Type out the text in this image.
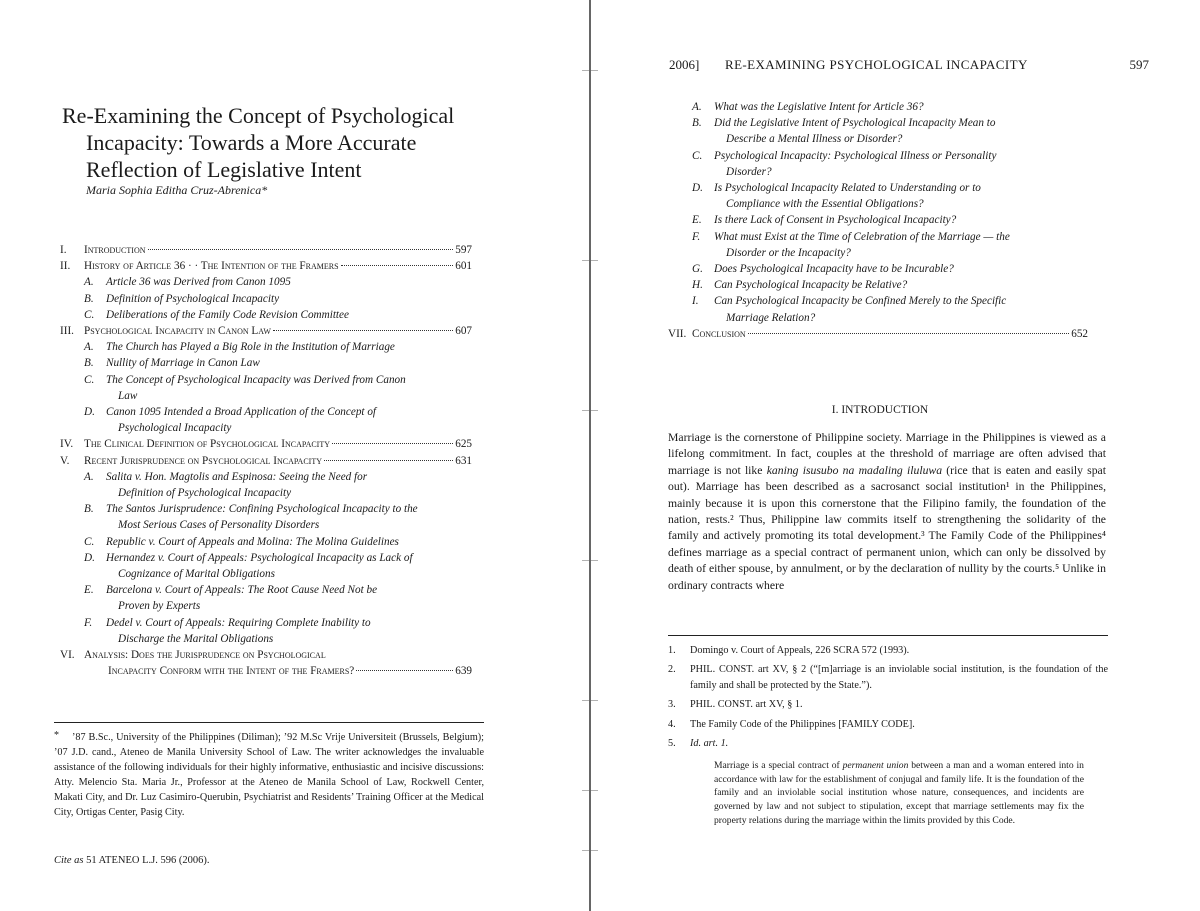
Re-Examining the Concept of Psychological Incapacity: Towards a More Accurate Reflection of Legislative Intent
Maria Sophia Editha Cruz-Abrenica*
I. Introduction	597
II. History of Article 36 · · The Intention of the Framers	601
A. Article 36 was Derived from Canon 1095
B. Definition of Psychological Incapacity
C. Deliberations of the Family Code Revision Committee
III. Psychological Incapacity in Canon Law	607
A. The Church has Played a Big Role in the Institution of Marriage
B. Nullity of Marriage in Canon Law
C. The Concept of Psychological Incapacity was Derived from Canon
Law
D. Canon 1095 Intended a Broad Application of the Concept of
Psychological Incapacity
IV. The Clinical Definition of Psychological Incapacity	625
V. Recent Jurisprudence on Psychological Incapacity	631
A. Salita v. Hon. Magtolis and Espinosa: Seeing the Need for
Definition of Psychological Incapacity
B. The Santos Jurisprudence: Confining Psychological Incapacity to the
Most Serious Cases of Personality Disorders
C. Republic v. Court of Appeals and Molina: The Molina Guidelines
D. Hernandez v. Court of Appeals: Psychological Incapacity as Lack of
Cognizance of Marital Obligations
E. Barcelona v. Court of Appeals: The Root Cause Need Not be
Proven by Experts
F. Dedel v. Court of Appeals: Requiring Complete Inability to
Discharge the Marital Obligations
VI. Analysis: Does the Jurisprudence on Psychological
Incapacity Conform with the Intent of the Framers?	639
*	’87 B.Sc., University of the Philippines (Diliman); ’92 M.Sc Vrije Universiteit (Brussels, Belgium); ’07 J.D. cand., Ateneo de Manila University School of Law. The writer acknowledges the invaluable assistance of the following individuals for their highly informative, enthusiastic and incisive discussions: Atty. Melencio Sta. Maria Jr., Professor at the Ateneo de Manila School of Law, Rockwell Center, Makati City, and Dr. Luz Casimiro-Querubin, Psychiatrist and Residents’ Training Officer at the Medical City, Ortigas Center, Pasig City.
Cite as 51 ATENEO L.J. 596 (2006).
2006]	RE-EXAMINING PSYCHOLOGICAL INCAPACITY	597
A. What was the Legislative Intent for Article 36?
B. Did the Legislative Intent of Psychological Incapacity Mean to
Describe a Mental Illness or Disorder?
C. Psychological Incapacity: Psychological Illness or Personality
Disorder?
D. Is Psychological Incapacity Related to Understanding or to
Compliance with the Essential Obligations?
E. Is there Lack of Consent in Psychological Incapacity?
F. What must Exist at the Time of Celebration of the Marriage — the
Disorder or the Incapacity?
G. Does Psychological Incapacity have to be Incurable?
H. Can Psychological Incapacity be Relative?
I. Can Psychological Incapacity be Confined Merely to the Specific
Marriage Relation?
VII. Conclusion	652
I. INTRODUCTION

Marriage is the cornerstone of Philippine society. Marriage in the Philippines is viewed as a lifelong commitment. In fact, couples at the threshold of marriage are often advised that marriage is not like kaning isusubo na madaling iluluwa (rice that is eaten and easily spat out). Marriage has been described as a sacrosanct social institution¹ in the Philippines, mainly because it is upon this cornerstone that the Filipino family, the foundation of the nation, rests.² Thus, Philippine law commits itself to strengthening the solidarity of the family and actively promoting its total development.³ The Family Code of the Philippines⁴ defines marriage as a special contract of permanent union, which can only be dissolved by death of either spouse, by annulment, or by the declaration of nullity by the courts.⁵ Unlike in ordinary contracts where

1. Domingo v. Court of Appeals, 226 SCRA 572 (1993).
2. PHIL. CONST. art XV, § 2 (“[m]arriage is an inviolable social institution, is the foundation of the family and shall be protected by the State.”).
3. PHIL. CONST. art XV, § 1.
4. The Family Code of the Philippines [FAMILY CODE].
5. Id. art. 1.

Marriage is a special contract of permanent union between a man and a woman entered into in accordance with law for the establishment of conjugal and family life. It is the foundation of the family and an inviolable social institution whose nature, consequences, and incidents are governed by law and not subject to stipulation, except that marriage settlements may fix the property relations during the marriage within the limits provided by this Code.
